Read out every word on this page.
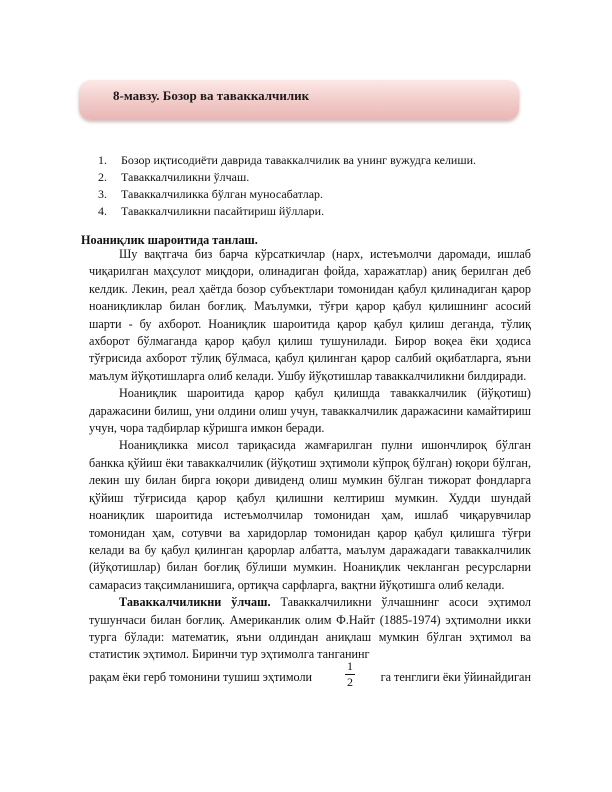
8-мавзу. Бозор ва таваккалчилик
1.	Бозор иқтисодиёти даврида таваккалчилик ва унинг вужудга келиши.
2.	Таваккалчиликни ўлчаш.
3.	Таваккалчиликка бўлган муносабатлар.
4.	Таваккалчиликни пасайтириш йўллари.
Ноаниқлик шароитида танлаш.

Шу вақтгача биз барча кўрсаткичлар (нарх, истеъмолчи даромади, ишлаб чиқарилган маҳсулот миқдори, олинадиган фойда, харажатлар) аниқ берилган деб келдик. Лекин, реал ҳаётда бозор субъектлари томонидан қабул қилинадиган қарор ноаниқликлар билан боғлиқ. Маълумки, тўғри қарор қабул қилишнинг асосий шарти - бу ахборот. Ноаниқлик шароитида қарор қабул қилиш деганда, тўлиқ ахборот бўлмаганда қарор қабул қилиш тушунилади. Бирор воқеа ёки ҳодиса тўғрисида ахборот тўлиқ бўлмаса, қабул қилинган қарор салбий оқибатларга, яъни маълум йўқотишларга олиб келади. Ушбу йўқотишлар таваккалчиликни билдиради.

Ноаниқлик шароитида қарор қабул қилишда таваккалчилик (йўқотиш) даражасини билиш, уни олдини олиш учун, таваккалчилик даражасини камайтириш учун, чора тадбирлар кўришга имкон беради.

Ноаниқликка мисол тариқасида жамғарилган пулни ишончлироқ бўлган банкка қўйиш ёки таваккалчилик (йўқотиш эҳтимоли кўпроқ бўлган) юқори бўлган, лекин шу билан бирга юқори дивиденд олиш мумкин бўлган тижорат фондларга қўйиш тўғрисида қарор қабул қилишни келтириш мумкин. Худди шундай ноаниқлик шароитида истеъмолчилар томонидан ҳам, ишлаб чиқарувчилар томонидан ҳам, сотувчи ва харидорлар томонидан қарор қабул қилишга тўғри келади ва бу қабул қилинган қарорлар албатта, маълум даражадаги таваккалчилик (йўқотишлар) билан боғлиқ бўлиши мумкин. Ноаниқлик чекланган ресурсларни самарасиз тақсимланишига, ортиқча сарфларга, вақтни йўқотишга олиб келади.

Таваккалчиликни ўлчаш. Таваккалчиликни ўлчашнинг асоси эҳтимол тушунчаси билан боғлиқ. Американлик олим Ф.Найт (1885-1974) эҳтимолни икки турга бўлади: математик, яъни олдиндан аниқлаш мумкин бўлган эҳтимол ва статистик эҳтимол. Биринчи тур эҳтимолга танганинг

рақам ёки герб томонини тушиш эҳтимоли
1
2	га тенглиги ёки ўйинайдиган
